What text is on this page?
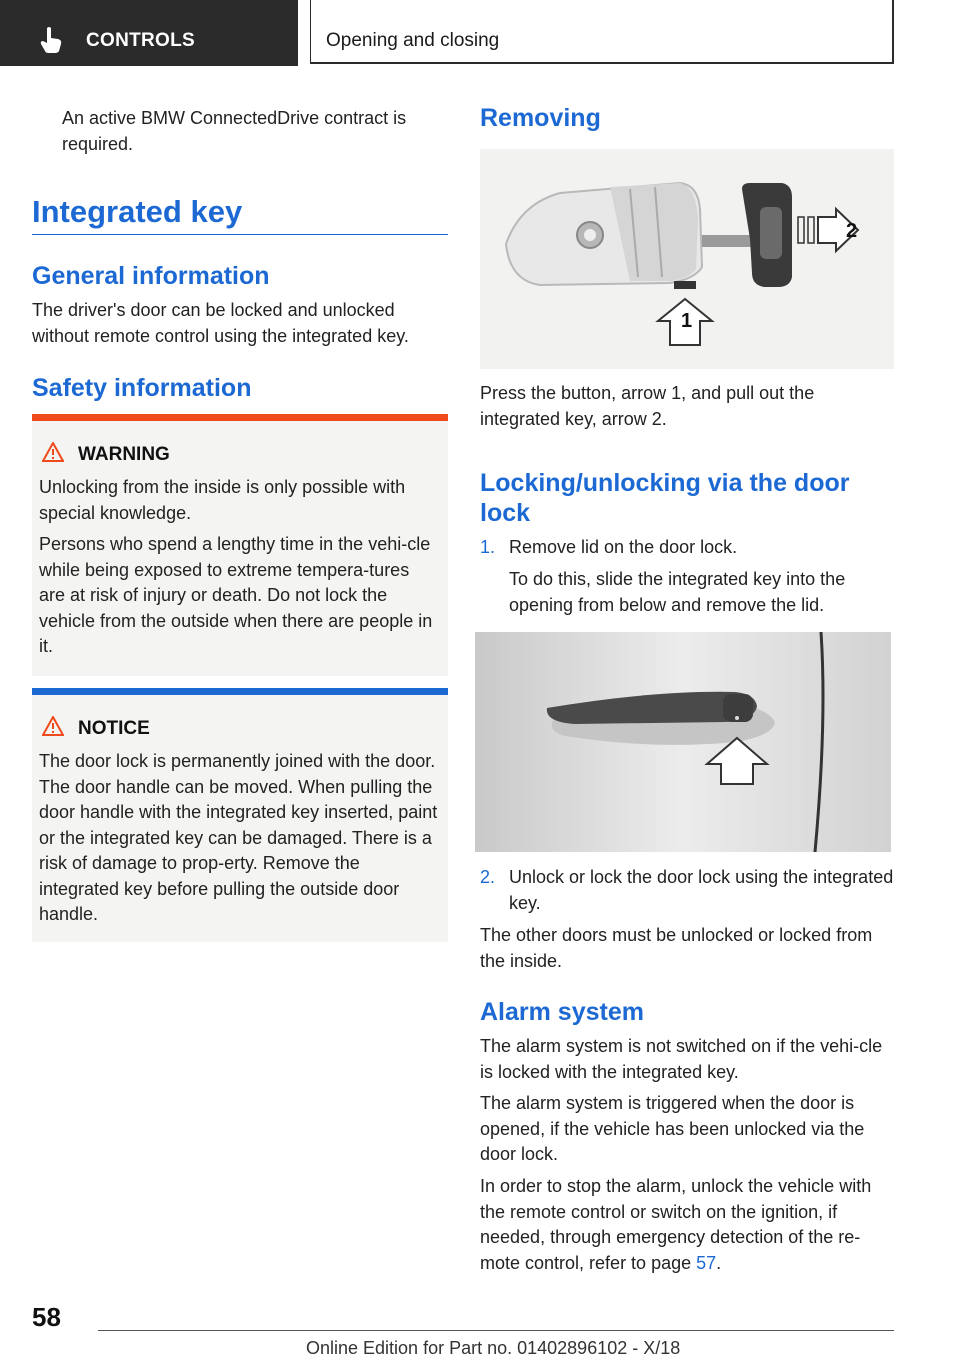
CONTROLS	Opening and closing
An active BMW ConnectedDrive contract is required.
Integrated key
General information
The driver's door can be locked and unlocked without remote control using the integrated key.
Safety information
WARNING
Unlocking from the inside is only possible with special knowledge.
Persons who spend a lengthy time in the vehi-cle while being exposed to extreme tempera-tures are at risk of injury or death. Do not lock the vehicle from the outside when there are people in it.
NOTICE
The door lock is permanently joined with the door. The door handle can be moved. When pulling the door handle with the integrated key inserted, paint or the integrated key can be damaged. There is a risk of damage to prop-erty. Remove the integrated key before pulling the outside door handle.
Removing
2
1
Press the button, arrow 1, and pull out the integrated key, arrow 2.
Locking/unlocking via the door lock
1. Remove lid on the door lock.
To do this, slide the integrated key into the opening from below and remove the lid.
2. Unlock or lock the door lock using the integrated key.
The other doors must be unlocked or locked from the inside.
Alarm system
The alarm system is not switched on if the vehi-cle is locked with the integrated key.
The alarm system is triggered when the door is opened, if the vehicle has been unlocked via the door lock.
In order to stop the alarm, unlock the vehicle with the remote control or switch on the ignition, if needed, through emergency detection of the re-mote control, refer to page 57.
58
Online Edition for Part no. 01402896102 - X/18
